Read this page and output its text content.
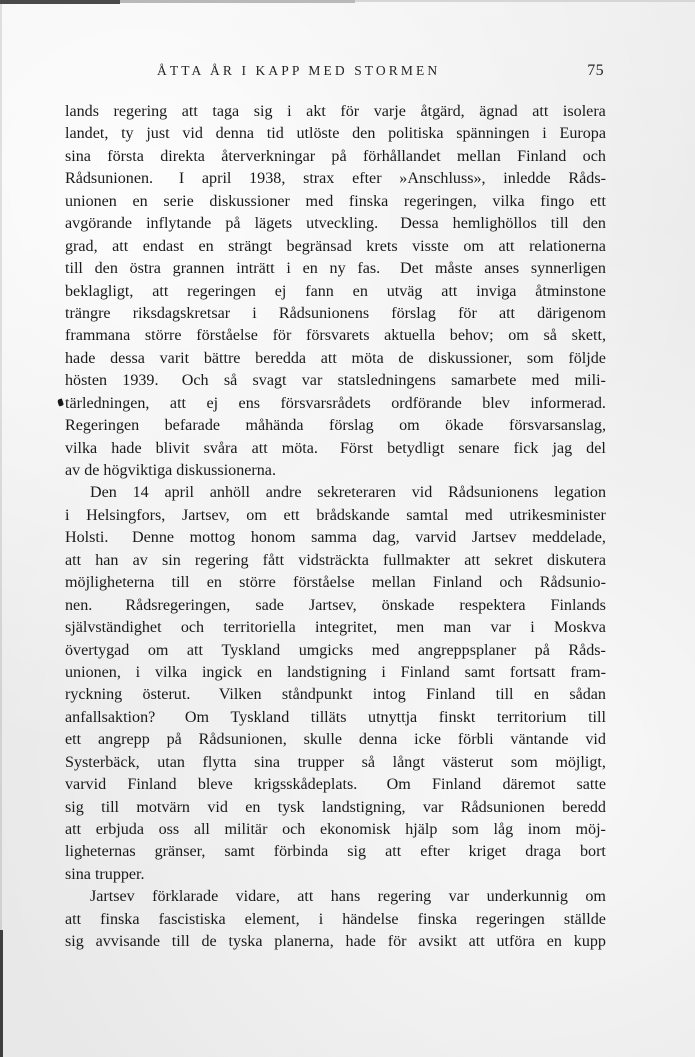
ÅTTA ÅR I KAPP MED STORMEN	75
lands regering att taga sig i akt för varje åtgärd, ägnad att isolera
landet, ty just vid denna tid utlöste den politiska spänningen i Europa
sina första direkta återverkningar på förhållandet mellan Finland och
Rådsunionen. I april 1938, strax efter »Anschluss», inledde Råds-
unionen en serie diskussioner med finska regeringen, vilka fingo ett
avgörande inflytande på lägets utveckling. Dessa hemlighöllos till den
grad, att endast en strängt begränsad krets visste om att relationerna
till den östra grannen inträtt i en ny fas. Det måste anses synnerligen
beklagligt, att regeringen ej fann en utväg att inviga åtminstone
trängre riksdagskretsar i Rådsunionens förslag för att därigenom
frammana större förståelse för försvarets aktuella behov; om så skett,
hade dessa varit bättre beredda att möta de diskussioner, som följde
hösten 1939. Och så svagt var statsledningens samarbete med mili-
tärledningen, att ej ens försvarsrådets ordförande blev informerad.
Regeringen befarade måhända förslag om ökade försvarsanslag,
vilka hade blivit svåra att möta. Först betydligt senare fick jag del
av de högviktiga diskussionerna.
Den 14 april anhöll andre sekreteraren vid Rådsunionens legation
i Helsingfors, Jartsev, om ett brådskande samtal med utrikesminister
Holsti. Denne mottog honom samma dag, varvid Jartsev meddelade,
att han av sin regering fått vidsträckta fullmakter att sekret diskutera
möjligheterna till en större förståelse mellan Finland och Rådsunio-
nen. Rådsregeringen, sade Jartsev, önskade respektera Finlands
självständighet och territoriella integritet, men man var i Moskva
övertygad om att Tyskland umgicks med angreppsplaner på Råds-
unionen, i vilka ingick en landstigning i Finland samt fortsatt fram-
ryckning österut. Vilken ståndpunkt intog Finland till en sådan
anfallsaktion? Om Tyskland tilläts utnyttja finskt territorium till
ett angrepp på Rådsunionen, skulle denna icke förbli väntande vid
Systerbäck, utan flytta sina trupper så långt västerut som möjligt,
varvid Finland bleve krigsskådeplats. Om Finland däremot satte
sig till motvärn vid en tysk landstigning, var Rådsunionen beredd
att erbjuda oss all militär och ekonomisk hjälp som låg inom möj-
ligheternas gränser, samt förbinda sig att efter kriget draga bort
sina trupper.
Jartsev förklarade vidare, att hans regering var underkunnig om
att finska fascistiska element, i händelse finska regeringen ställde
sig avvisande till de tyska planerna, hade för avsikt att utföra en kupp
